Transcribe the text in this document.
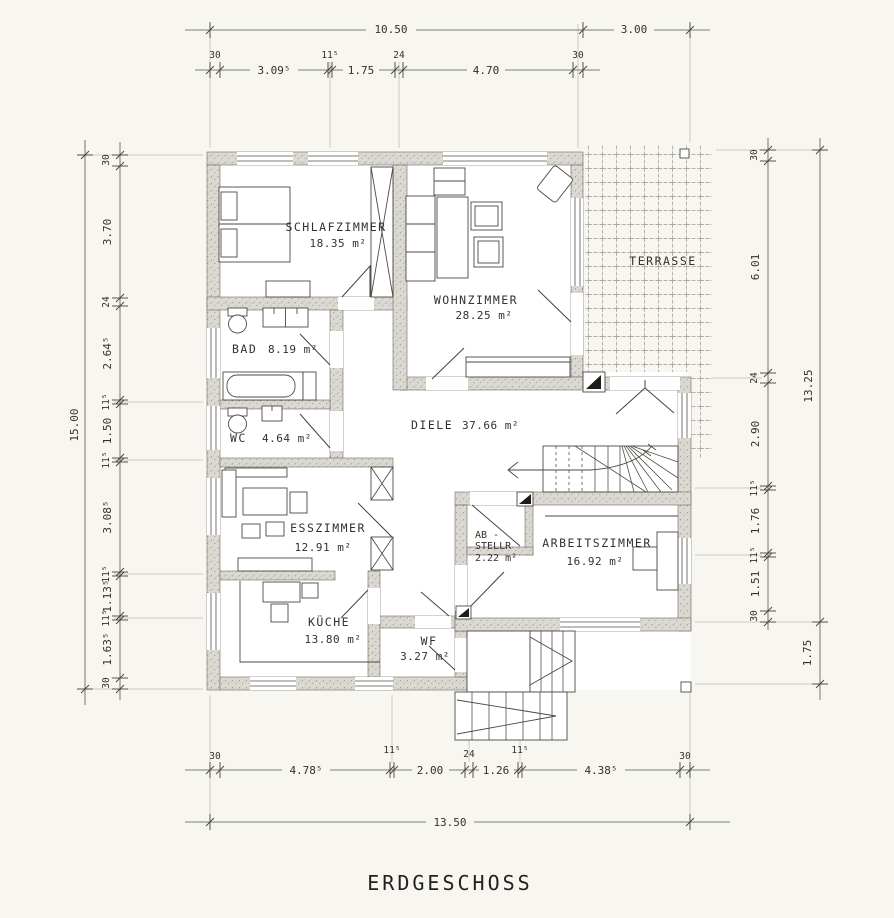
10.50	3.00
30
3.09⁵
11⁵
1.75
24
4.70
30
15.00
30
3.70
24
2.64⁵
11⁵
1.50
11⁵
3.08⁵
11⁵
1.13⁵
11⁵
1.63⁵
30
30
6.01
24
2.90
11⁵
1.76
11⁵
1.51
30
13.25
1.75
30
4.78⁵
11⁵
2.00
24
1.26
11⁵
4.38⁵
30
13.50
SCHLAFZIMMER
18.35 m²
WOHNZIMMER
28.25 m²
TERRASSE
BAD 8.19 m²
WC 4.64 m²
DIELE 37.66 m²
ESSZIMMER
12.91 m²
KÜCHE
13.80 m²
AB -
STELLR
2.22 m²
ARBEITSZIMMER
16.92 m²
WF
3.27 m²
ERDGESCHOSS
